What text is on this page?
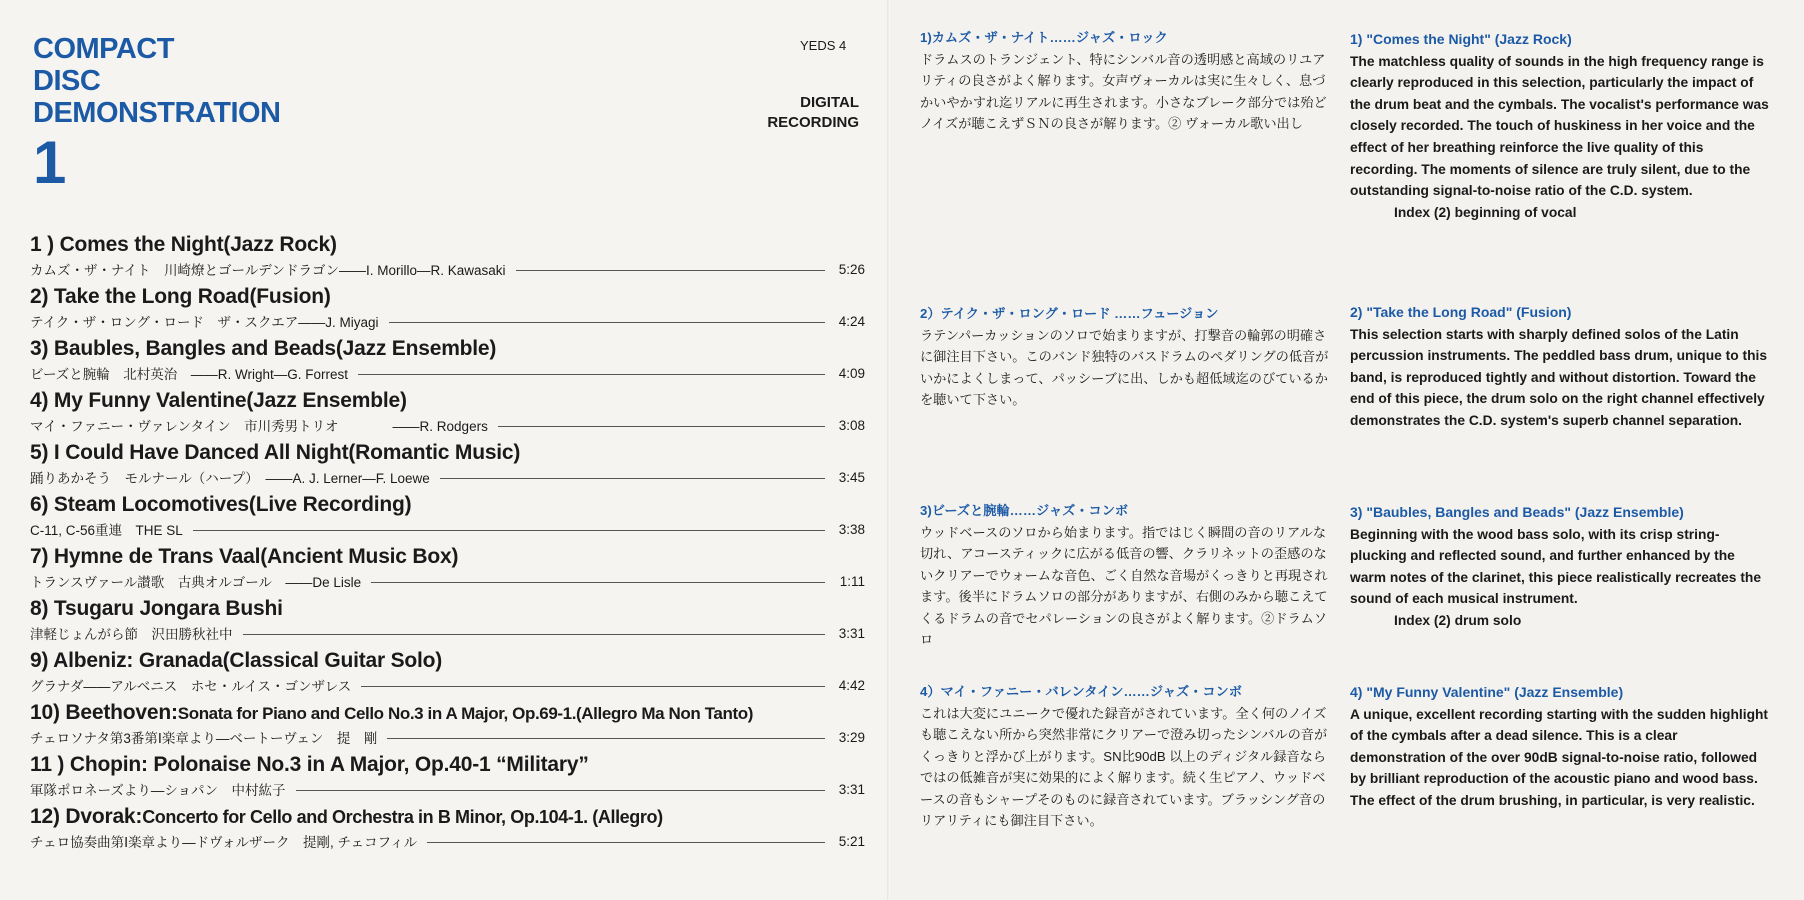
COMPACT
DISC
DEMONSTRATION
1
YEDS 4
DIGITAL
RECORDING
1 ) Comes the Night(Jazz Rock)
カムズ・ザ・ナイト　川崎燎とゴールデンドラゴン――I. Morillo―R. Kawasaki	5:26
2) Take the Long Road(Fusion)
テイク・ザ・ロング・ロード　ザ・スクエア――J. Miyagi	4:24
3) Baubles, Bangles and Beads(Jazz Ensemble)
ビーズと腕輪　北村英治　――R. Wright―G. Forrest	4:09
4) My Funny Valentine(Jazz Ensemble)
マイ・ファニー・ヴァレンタイン　市川秀男トリオ　　　　――R. Rodgers	3:08
5) I Could Have Danced All Night(Romantic Music)
踊りあかそう　モルナール（ハープ）　――A. J. Lerner―F. Loewe	3:45
6) Steam Locomotives(Live Recording)
C-11, C-56重連　THE SL	3:38
7) Hymne de Trans Vaal(Ancient Music Box)
トランスヴァール讃歌　古典オルゴール　――De Lisle	1:11
8) Tsugaru Jongara Bushi
津軽じょんがら節　沢田勝秋社中	3:31
9) Albeniz: Granada(Classical Guitar Solo)
グラナダ――アルベニス　ホセ・ルイス・ゴンザレス	4:42
10) Beethoven:Sonata for Piano and Cello No.3 in A Major, Op.69-1.(Allegro Ma Non Tanto)
チェロソナタ第3番第Ⅰ楽章より―ベートーヴェン　提　剛	3:29
11 ) Chopin: Polonaise No.3 in A Major, Op.40-1 “Military”
軍隊ポロネーズより―ショパン　中村紘子	3:31
12) Dvorak:Concerto for Cello and Orchestra in B Minor, Op.104-1. (Allegro)
チェロ協奏曲第Ⅰ楽章より―ドヴォルザーク　提剛, チェコフィル	5:21
1)カムズ・ザ・ナイト……ジャズ・ロック
ドラムスのトランジェント、特にシンバル音の透明感と高域のリユアリティの良さがよく解ります。女声ヴォーカルは実に生々しく、息づかいやかすれ迄リアルに再生されます。小さなブレーク部分では殆どノイズが聴こえずＳＮの良さが解ります。② ヴォーカル歌い出し
2）テイク・ザ・ロング・ロード ……フュージョン
ラテンパーカッションのソロで始まりますが、打撃音の輪郭の明確さに御注目下さい。このバンド独特のバスドラムのペダリングの低音がいかによくしまって、パッシーブに出、しかも超低域迄のびているかを聴いて下さい。
3)ビーズと腕輪……ジャズ・コンボ
ウッドベースのソロから始まります。指ではじく瞬間の音のリアルな切れ、アコースティックに広がる低音の響、クラリネットの歪感のないクリアーでウォームな音色、ごく自然な音場がくっきりと再現されます。後半にドラムソロの部分がありますが、右側のみから聴こえてくるドラムの音でセパレーションの良さがよく解ります。②ドラムソロ
4）マイ・ファニー・バレンタイン……ジャズ・コンボ
これは大変にユニークで優れた録音がされています。全く何のノイズも聴こえない所から突然非常にクリアーで澄み切ったシンバルの音がくっきりと浮かび上がります。SN比90dB 以上のディジタル録音ならではの低雑音が実に効果的によく解ります。続く生ピアノ、ウッドベースの音もシャープそのものに録音されています。ブラッシング音のリアリティにも御注目下さい。
1) "Comes the Night" (Jazz Rock)
The matchless quality of sounds in the high frequency range is clearly reproduced in this selection, particularly the impact of the drum beat and the cymbals. The vocalist's performance was closely recorded. The touch of huskiness in her voice and the effect of her breathing reinforce the live quality of this recording. The moments of silence are truly silent, due to the outstanding signal-to-noise ratio of the C.D. system.
Index (2) beginning of vocal
2) "Take the Long Road" (Fusion)
This selection starts with sharply defined solos of the Latin percussion instruments. The peddled bass drum, unique to this band, is reproduced tightly and without distortion. Toward the end of this piece, the drum solo on the right channel effectively demonstrates the C.D. system's superb channel separation.
3) "Baubles, Bangles and Beads" (Jazz Ensemble)
Beginning with the wood bass solo, with its crisp string-plucking and reflected sound, and further enhanced by the warm notes of the clarinet, this piece realistically recreates the sound of each musical instrument.
Index (2) drum solo
4) "My Funny Valentine" (Jazz Ensemble)
A unique, excellent recording starting with the sudden highlight of the cymbals after a dead silence. This is a clear demonstration of the over 90dB signal-to-noise ratio, followed by brilliant reproduction of the acoustic piano and wood bass. The effect of the drum brushing, in particular, is very realistic.
